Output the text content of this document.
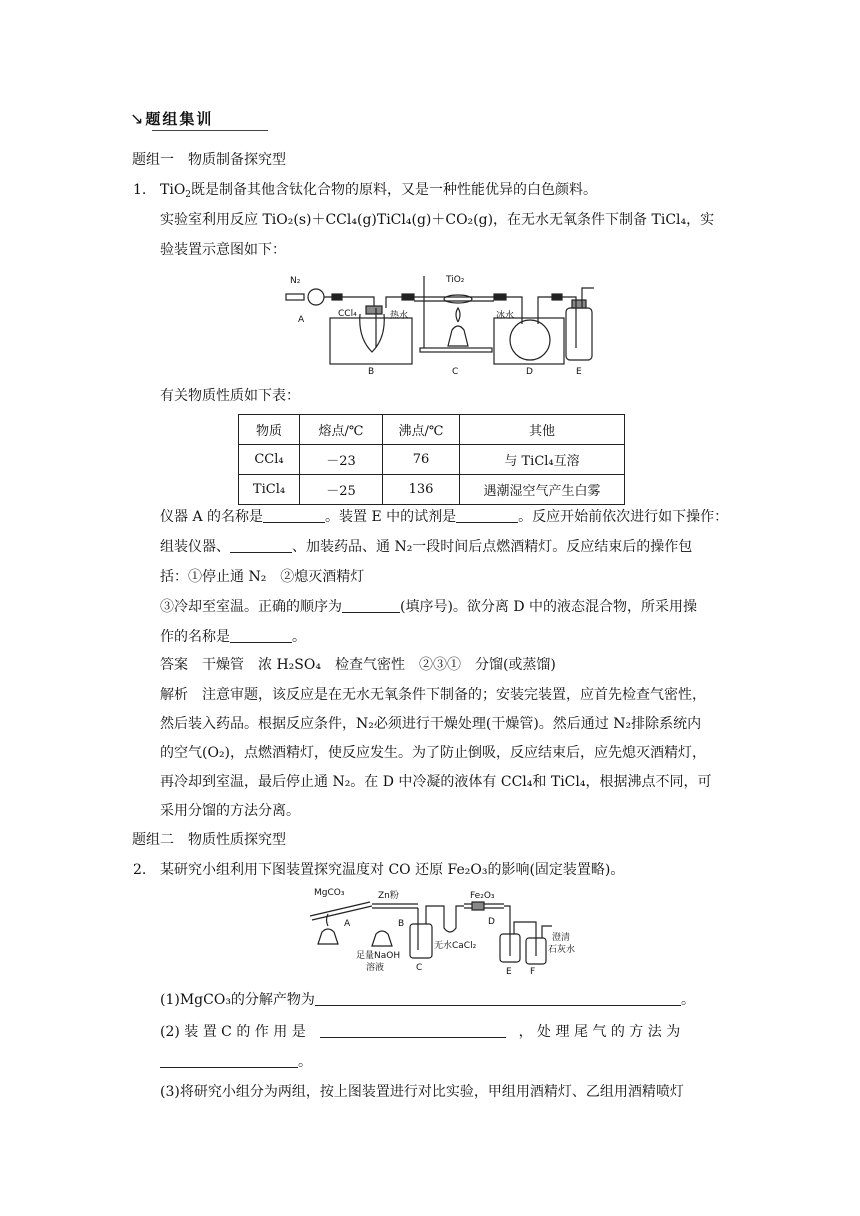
↘ 题组集训
题组一　物质制备探究型
1. TiO$_2$既是制备其他含钛化合物的原料，又是一种性能优异的白色颜料。
实验室利用反应 TiO₂(s)＋CCl₄(g)TiCl₄(g)＋CO₂(g)，在无水无氧条件下制备 TiCl₄，实
验装置示意图如下：
N₂
A
CCl₄	热水
B
TiO₂
C
冰水
D	E
有关物质性质如下表：
物质	熔点/℃	沸点/℃	其他
CCl₄	－23	76	与 TiCl₄互溶
TiCl₄	－25	136	遇潮湿空气产生白雾
仪器 A 的名称是	。装置 E 中的试剂是	。反应开始前依次进行如下操作：
组装仪器、	、加装药品、通 N₂一段时间后点燃酒精灯。反应结束后的操作包
括：①停止通 N₂　②熄灭酒精灯
③冷却至室温。正确的顺序为	(填序号)。欲分离 D 中的液态混合物，所采用操
作的名称是	。
答案　干燥管　浓 H₂SO₄　检查气密性　②③①　分馏(或蒸馏)
解析　注意审题，该反应是在无水无氧条件下制备的；安装完装置，应首先检查气密性，
然后装入药品。根据反应条件，N₂必须进行干燥处理(干燥管)。然后通过 N₂排除系统内
的空气(O₂)，点燃酒精灯，使反应发生。为了防止倒吸，反应结束后，应先熄灭酒精灯，
再冷却到室温，最后停止通 N₂。在 D 中冷凝的液体有 CCl₄和 TiCl₄，根据沸点不同，可
采用分馏的方法分离。
题组二　物质性质探究型
2. 某研究小组利用下图装置探究温度对 CO 还原 Fe₂O₃的影响(固定装置略)。
MgCO₃
A
Zn粉
B
足量NaOH
溶液	C
无水CaCl₂
Fe₂O₃
D
E F
澄清
石灰水
(1)MgCO₃的分解产物为	。
(2) 装 置 C 的 作 用 是	， 处 理 尾 气 的 方 法 为
。
(3)将研究小组分为两组，按上图装置进行对比实验，甲组用酒精灯、乙组用酒精喷灯
